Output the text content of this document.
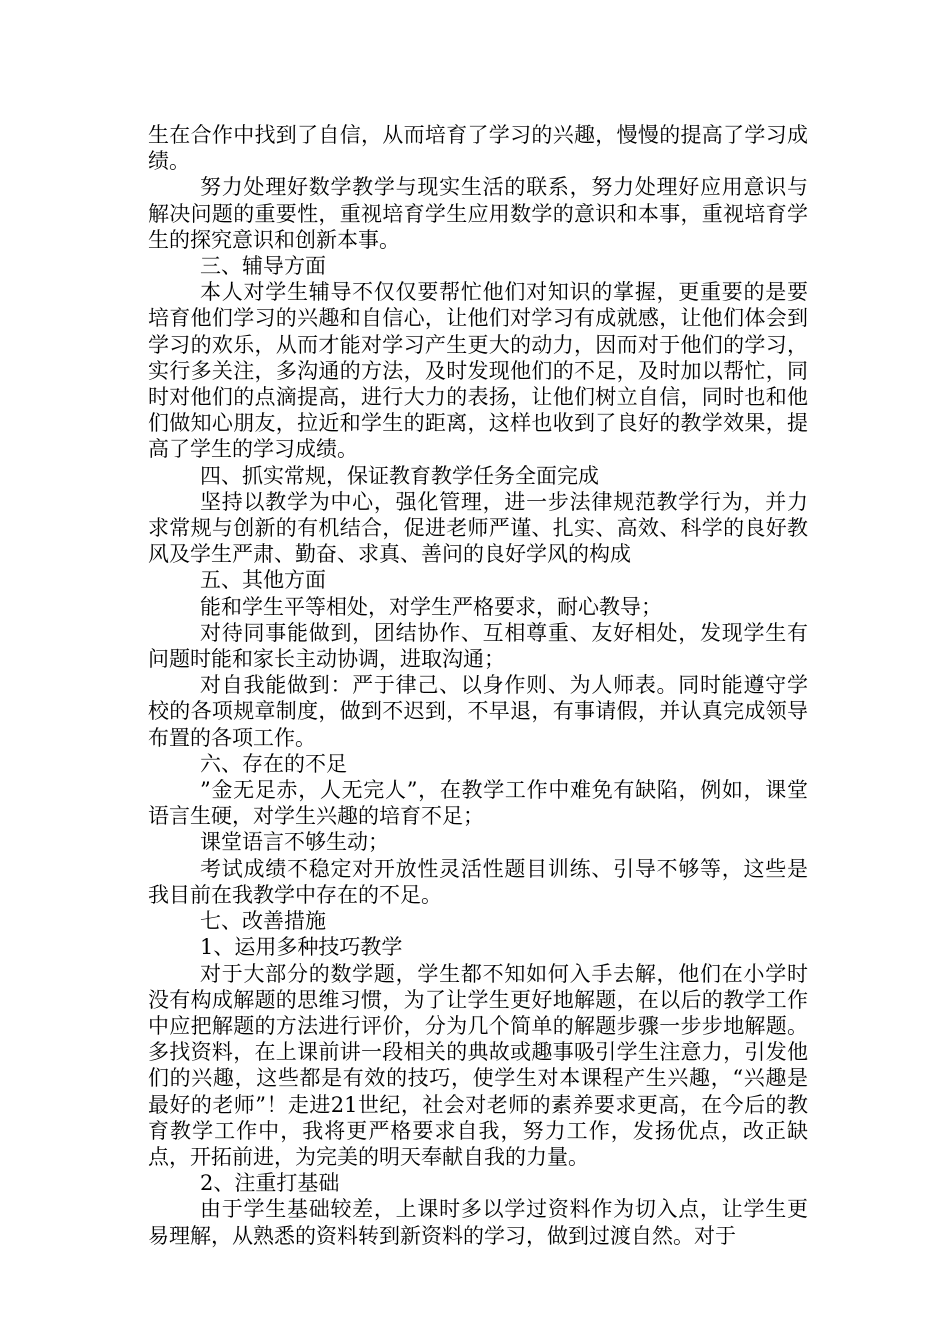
生在合作中找到了自信，从而培育了学习的兴趣，慢慢的提高了学习成绩。

努力处理好数学教学与现实生活的联系，努力处理好应用意识与解决问题的重要性，重视培育学生应用数学的意识和本事，重视培育学生的探究意识和创新本事。

三、辅导方面

本人对学生辅导不仅仅要帮忙他们对知识的掌握，更重要的是要培育他们学习的兴趣和自信心，让他们对学习有成就感，让他们体会到学习的欢乐，从而才能对学习产生更大的动力，因而对于他们的学习，实行多关注，多沟通的方法，及时发现他们的不足，及时加以帮忙，同时对他们的点滴提高，进行大力的表扬，让他们树立自信，同时也和他们做知心朋友，拉近和学生的距离，这样也收到了良好的教学效果，提高了学生的学习成绩。

四、抓实常规，保证教育教学任务全面完成

坚持以教学为中心，强化管理，进一步法律规范教学行为，并力求常规与创新的有机结合，促进老师严谨、扎实、高效、科学的良好教风及学生严肃、勤奋、求真、善问的良好学风的构成

五、其他方面

能和学生平等相处，对学生严格要求，耐心教导；

对待同事能做到，团结协作、互相尊重、友好相处，发现学生有问题时能和家长主动协调，进取沟通；

对自我能做到：严于律己、以身作则、为人师表。同时能遵守学校的各项规章制度，做到不迟到，不早退，有事请假，并认真完成领导布置的各项工作。

六、存在的不足

”金无足赤，人无完人”，在教学工作中难免有缺陷，例如，课堂语言生硬，对学生兴趣的培育不足；

课堂语言不够生动；

考试成绩不稳定对开放性灵活性题目训练、引导不够等，这些是我目前在我教学中存在的不足。

七、改善措施

1、运用多种技巧教学

对于大部分的数学题，学生都不知如何入手去解，他们在小学时没有构成解题的思维习惯，为了让学生更好地解题，在以后的教学工作中应把解题的方法进行评价，分为几个简单的解题步骤一步步地解题。多找资料，在上课前讲一段相关的典故或趣事吸引学生注意力，引发他们的兴趣，这些都是有效的技巧，使学生对本课程产生兴趣，“兴趣是最好的老师”！走进21世纪，社会对老师的素养要求更高，在今后的教育教学工作中，我将更严格要求自我，努力工作，发扬优点，改正缺点，开拓前进，为完美的明天奉献自我的力量。

2、注重打基础

由于学生基础较差，上课时多以学过资料作为切入点，让学生更易理解，从熟悉的资料转到新资料的学习，做到过渡自然。对于
